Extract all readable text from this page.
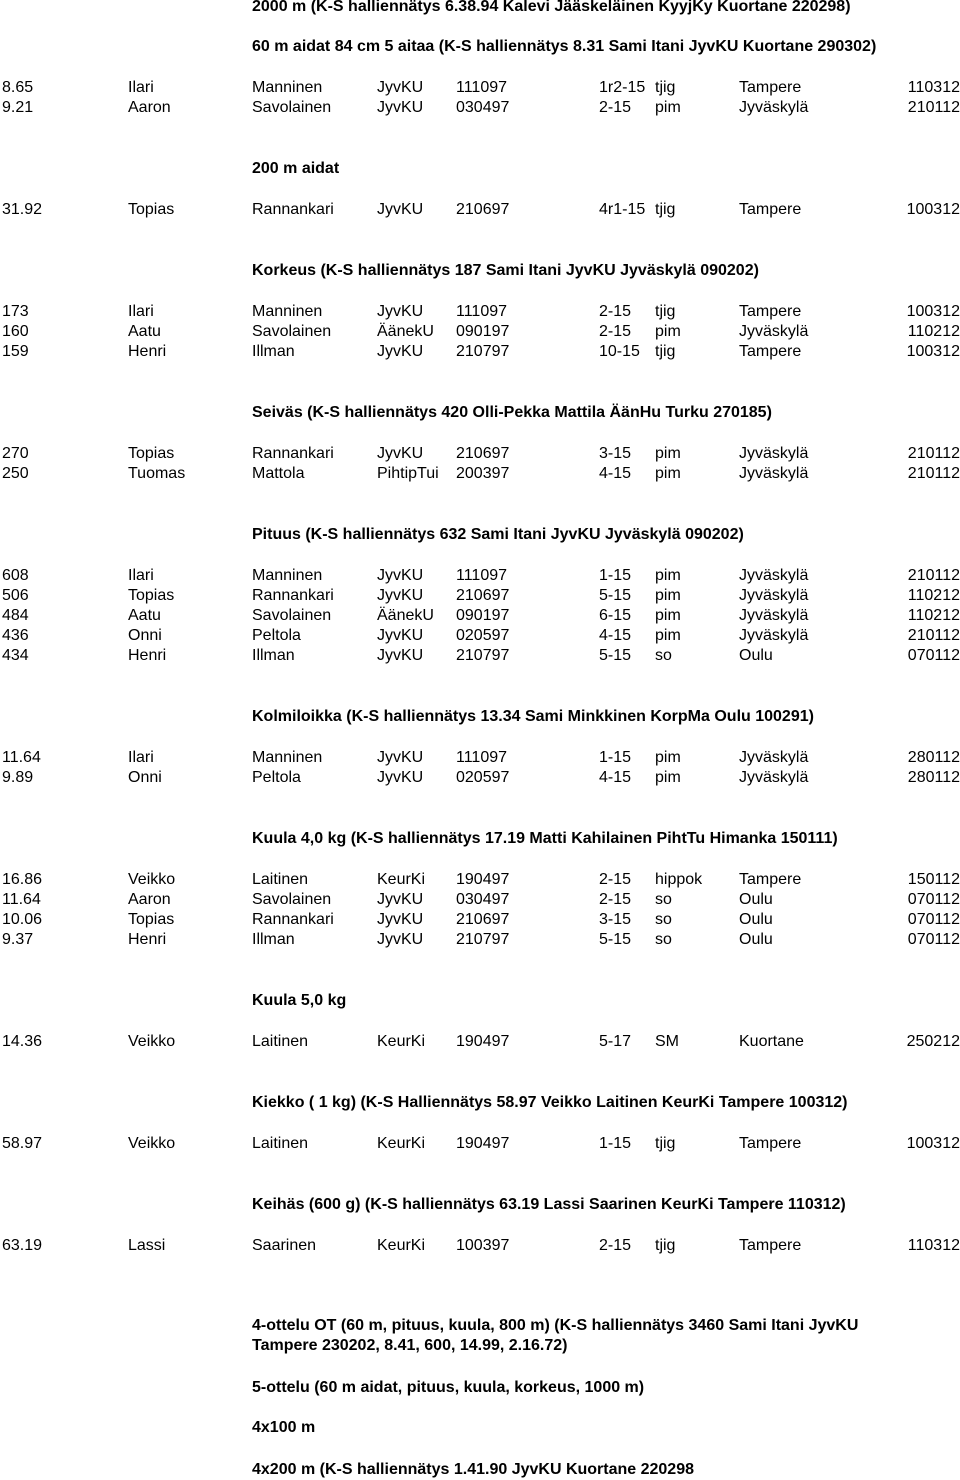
2000 m (K-S halliennätys 6.38.94 Kalevi Jääskeläinen KyyjKy Kuortane 220298)
60 m aidat 84 cm 5 aitaa (K-S halliennätys 8.31 Sami Itani JyvKU Kuortane 290302)
8.65	Ilari	Manninen	JyvKU 111097	1r2-15 tjig	Tampere	110312
9.21	Aaron	Savolainen	JyvKU 030497	2-15 pim	Jyväskylä	210112
200 m aidat
31.92	Topias	Rannankari	JyvKU 210697	4r1-15 tjig	Tampere	100312
Korkeus (K-S halliennätys 187 Sami Itani JyvKU Jyväskylä 090202)
173	Ilari	Manninen	JyvKU 111097	2-15 tjig	Tampere	100312
160	Aatu	Savolainen	ÄänekU 090197	2-15 pim	Jyväskylä	110212
159	Henri	Illman	JyvKU 210797	10-15 tjig	Tampere	100312
Seiväs (K-S halliennätys 420 Olli-Pekka Mattila ÄänHu Turku 270185)
270	Topias	Rannankari	JyvKU 210697	3-15 pim	Jyväskylä	210112
250	Tuomas	Mattola	PihtipTui 200397	4-15 pim	Jyväskylä	210112
Pituus (K-S halliennätys 632 Sami Itani JyvKU Jyväskylä 090202)
608	Ilari	Manninen	JyvKU 111097	1-15 pim	Jyväskylä	210112
506	Topias	Rannankari	JyvKU 210697	5-15 pim	Jyväskylä	110212
484	Aatu	Savolainen	ÄänekU 090197	6-15 pim	Jyväskylä	110212
436	Onni	Peltola	JyvKU 020597	4-15 pim	Jyväskylä	210112
434	Henri	Illman	JyvKU 210797	5-15 so	Oulu	070112
Kolmiloikka (K-S halliennätys 13.34 Sami Minkkinen KorpMa Oulu 100291)
11.64	Ilari	Manninen	JyvKU 111097	1-15 pim	Jyväskylä	280112
9.89	Onni	Peltola	JyvKU 020597	4-15 pim	Jyväskylä	280112
Kuula 4,0 kg (K-S halliennätys 17.19 Matti Kahilainen PihtTu Himanka 150111)
16.86	Veikko	Laitinen	KeurKi 190497	2-15 hippok Tampere	150112
11.64	Aaron	Savolainen	JyvKU 030497	2-15 so	Oulu	070112
10.06	Topias	Rannankari	JyvKU 210697	3-15 so	Oulu	070112
9.37	Henri	Illman	JyvKU 210797	5-15 so	Oulu	070112
Kuula 5,0 kg
14.36	Veikko	Laitinen	KeurKi 190497	5-17 SM	Kuortane	250212
Kiekko ( 1 kg) (K-S Halliennätys 58.97 Veikko Laitinen KeurKi Tampere 100312)
58.97	Veikko	Laitinen	KeurKi 190497	1-15 tjig	Tampere	100312
Keihäs (600 g) (K-S halliennätys 63.19 Lassi Saarinen KeurKi Tampere 110312)
63.19	Lassi	Saarinen	KeurKi 100397	2-15 tjig	Tampere	110312
4-ottelu OT (60 m, pituus, kuula, 800 m) (K-S halliennätys 3460 Sami Itani JyvKU
Tampere 230202, 8.41, 600, 14.99, 2.16.72)
5-ottelu (60 m aidat, pituus, kuula, korkeus, 1000 m)
4x100 m
4x200 m (K-S halliennätys 1.41.90 JyvKU Kuortane 220298
